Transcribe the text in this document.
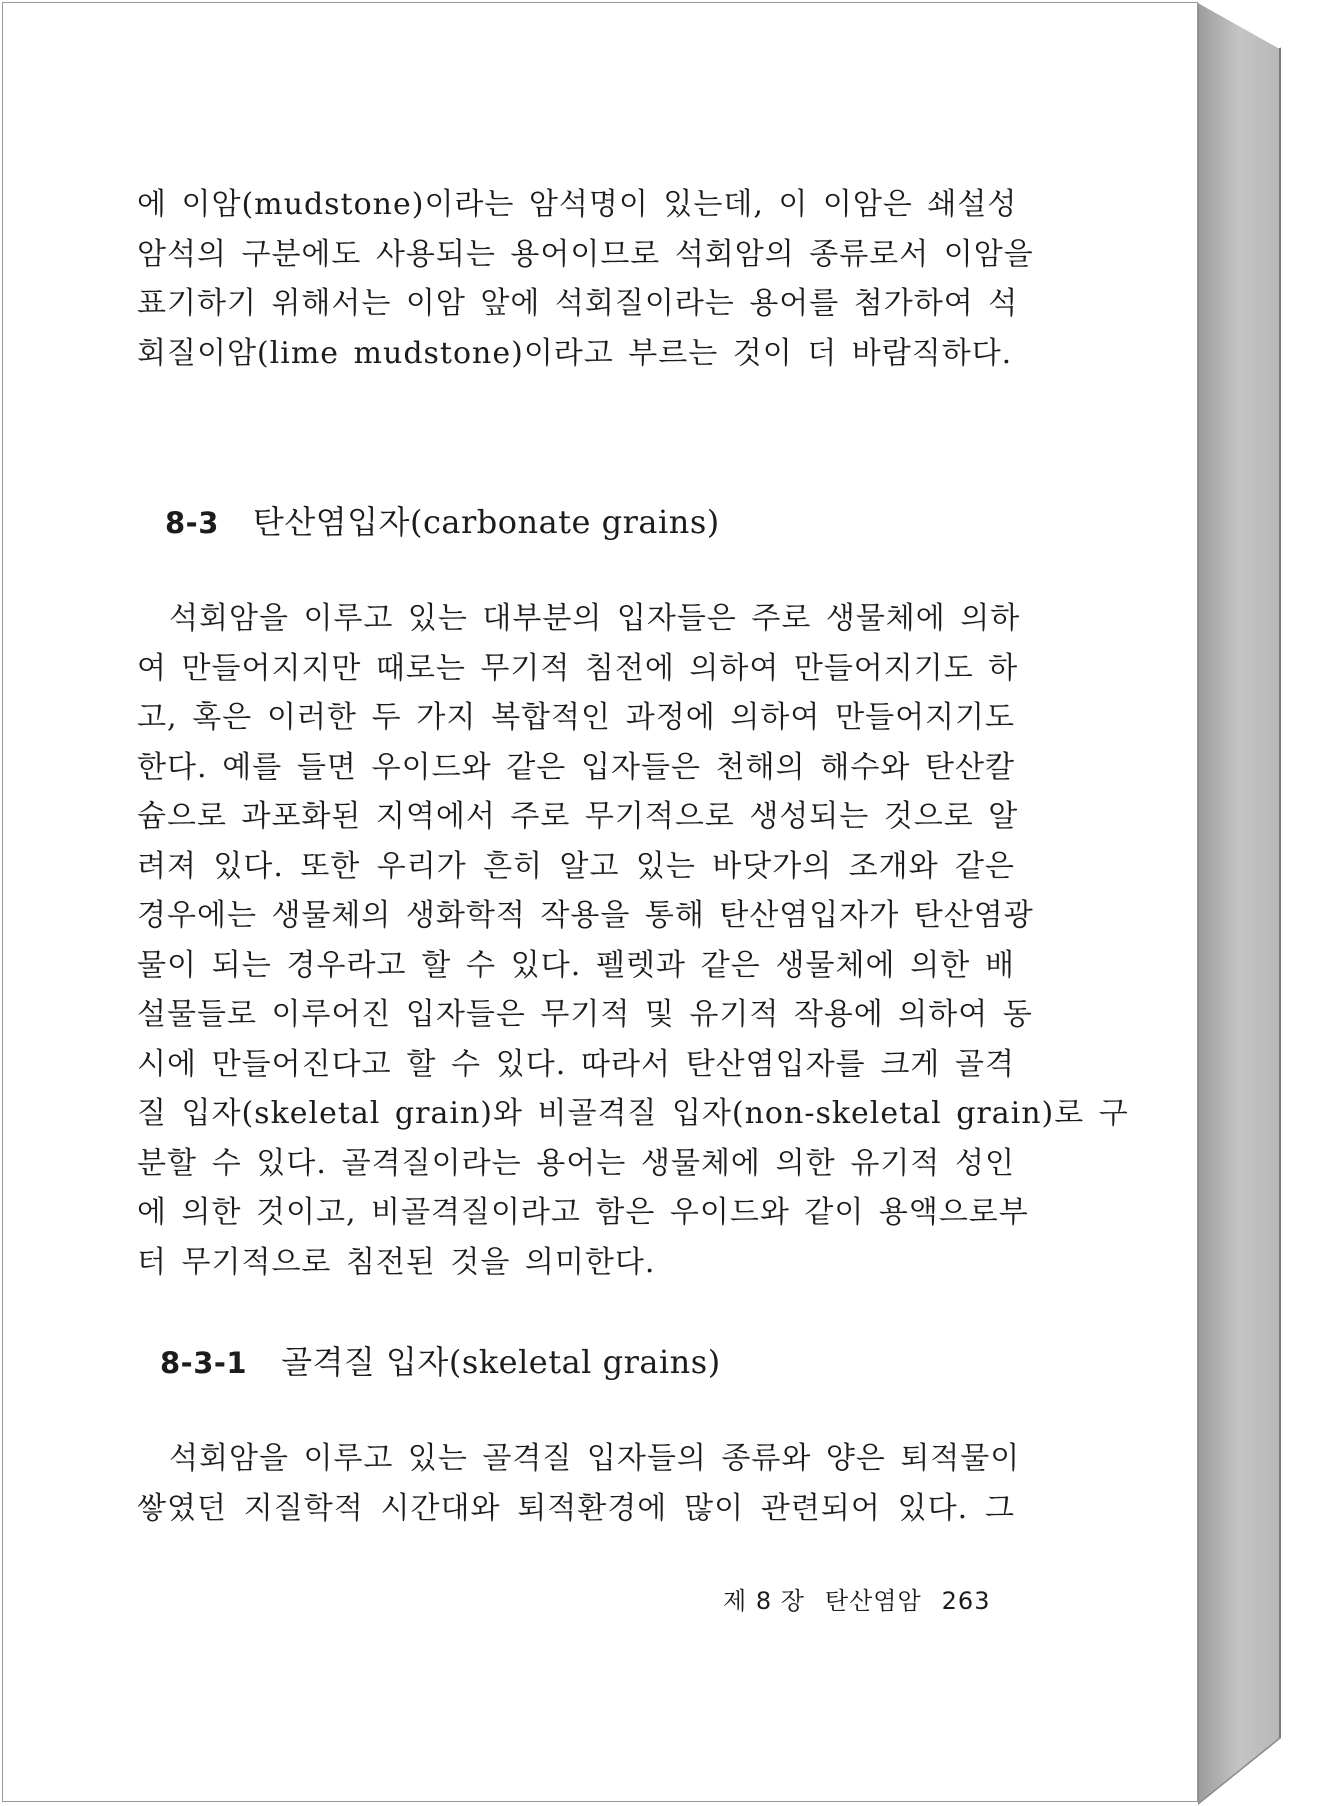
에 이암(mudstone)이라는 암석명이 있는데, 이 이암은 쇄설성
암석의 구분에도 사용되는 용어이므로 석회암의 종류로서 이암을
표기하기 위해서는 이암 앞에 석회질이라는 용어를 첨가하여 석
회질이암(lime mudstone)이라고 부르는 것이 더 바람직하다.
8-3 탄산염입자(carbonate grains)
석회암을 이루고 있는 대부분의 입자들은 주로 생물체에 의하
여 만들어지지만 때로는 무기적 침전에 의하여 만들어지기도 하
고, 혹은 이러한 두 가지 복합적인 과정에 의하여 만들어지기도
한다. 예를 들면 우이드와 같은 입자들은 천해의 해수와 탄산칼
슘으로 과포화된 지역에서 주로 무기적으로 생성되는 것으로 알
려져 있다. 또한 우리가 흔히 알고 있는 바닷가의 조개와 같은
경우에는 생물체의 생화학적 작용을 통해 탄산염입자가 탄산염광
물이 되는 경우라고 할 수 있다. 펠렛과 같은 생물체에 의한 배
설물들로 이루어진 입자들은 무기적 및 유기적 작용에 의하여 동
시에 만들어진다고 할 수 있다. 따라서 탄산염입자를 크게 골격
질 입자(skeletal grain)와 비골격질 입자(non-skeletal grain)로 구
분할 수 있다. 골격질이라는 용어는 생물체에 의한 유기적 성인
에 의한 것이고, 비골격질이라고 함은 우이드와 같이 용액으로부
터 무기적으로 침전된 것을 의미한다.
8-3-1 골격질 입자(skeletal grains)
석회암을 이루고 있는 골격질 입자들의 종류와 양은 퇴적물이
쌓였던 지질학적 시간대와 퇴적환경에 많이 관련되어 있다. 그
제 8 장 탄산염암 263
